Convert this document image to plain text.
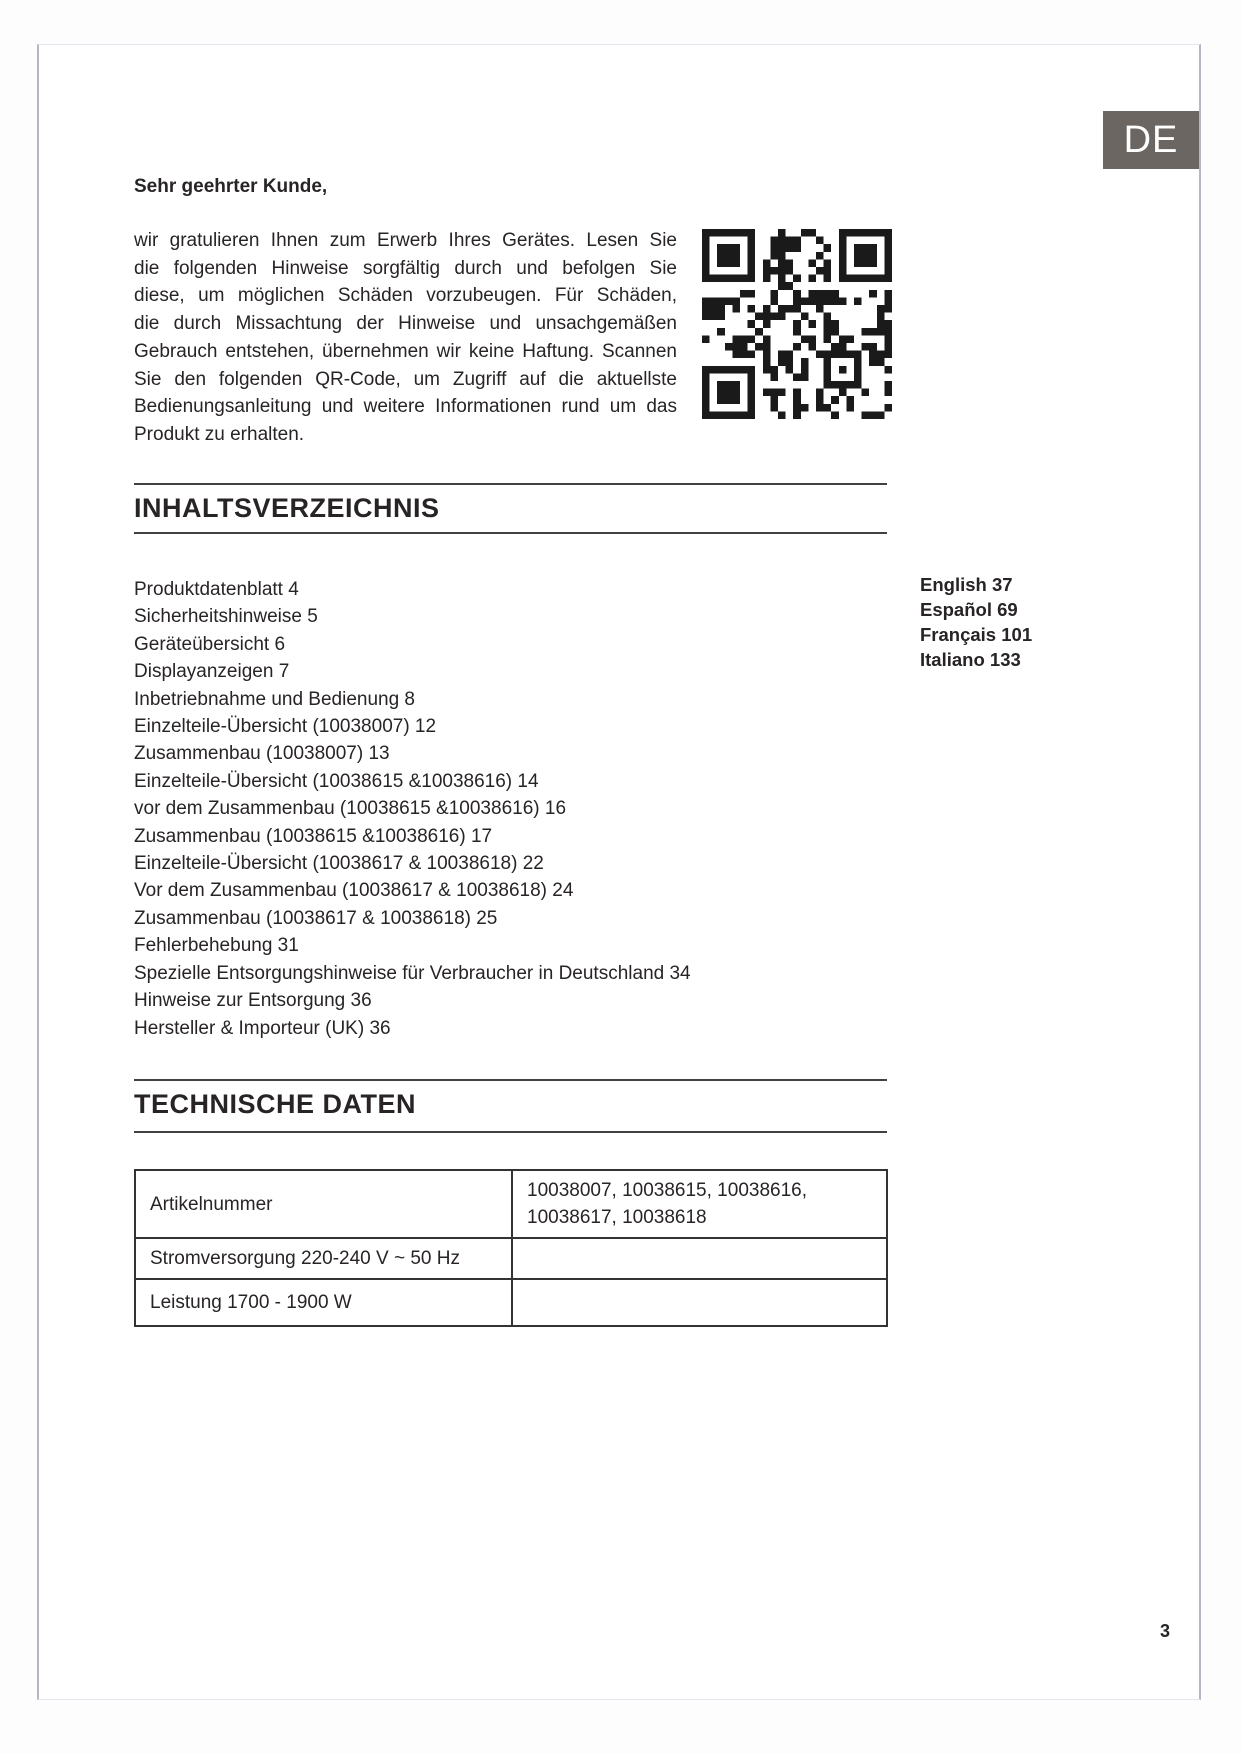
DE
Sehr geehrter Kunde,
wir gratulieren Ihnen zum Erwerb Ihres Gerätes. Lesen Sie
die folgenden Hinweise sorgfältig durch und befolgen Sie
diese, um möglichen Schäden vorzubeugen. Für Schäden,
die durch Missachtung der Hinweise und unsachgemäßen
Gebrauch entstehen, übernehmen wir keine Haftung. Scannen
Sie den folgenden QR-Code, um Zugriff auf die aktuellste
Bedienungsanleitung und weitere Informationen rund um das
Produkt zu erhalten.
INHALTSVERZEICHNIS
Produktdatenblatt 4
Sicherheitshinweise 5
Geräteübersicht 6
Displayanzeigen 7
Inbetriebnahme und Bedienung 8
Einzelteile-Übersicht (10038007) 12
Zusammenbau (10038007) 13
Einzelteile-Übersicht (10038615 &10038616) 14
vor dem Zusammenbau (10038615 &10038616) 16
Zusammenbau (10038615 &10038616) 17
Einzelteile-Übersicht (10038617 & 10038618) 22
Vor dem Zusammenbau (10038617 & 10038618) 24
Zusammenbau (10038617 & 10038618) 25
Fehlerbehebung 31
Spezielle Entsorgungshinweise für Verbraucher in Deutschland 34
Hinweise zur Entsorgung 36
Hersteller & Importeur (UK) 36
English 37
Español 69
Français 101
Italiano 133
TECHNISCHE DATEN
Artikelnummer	10038007, 10038615, 10038616, 10038617, 10038618
Stromversorgung 220-240 V ~ 50 Hz	
Leistung 1700 - 1900 W	
3
